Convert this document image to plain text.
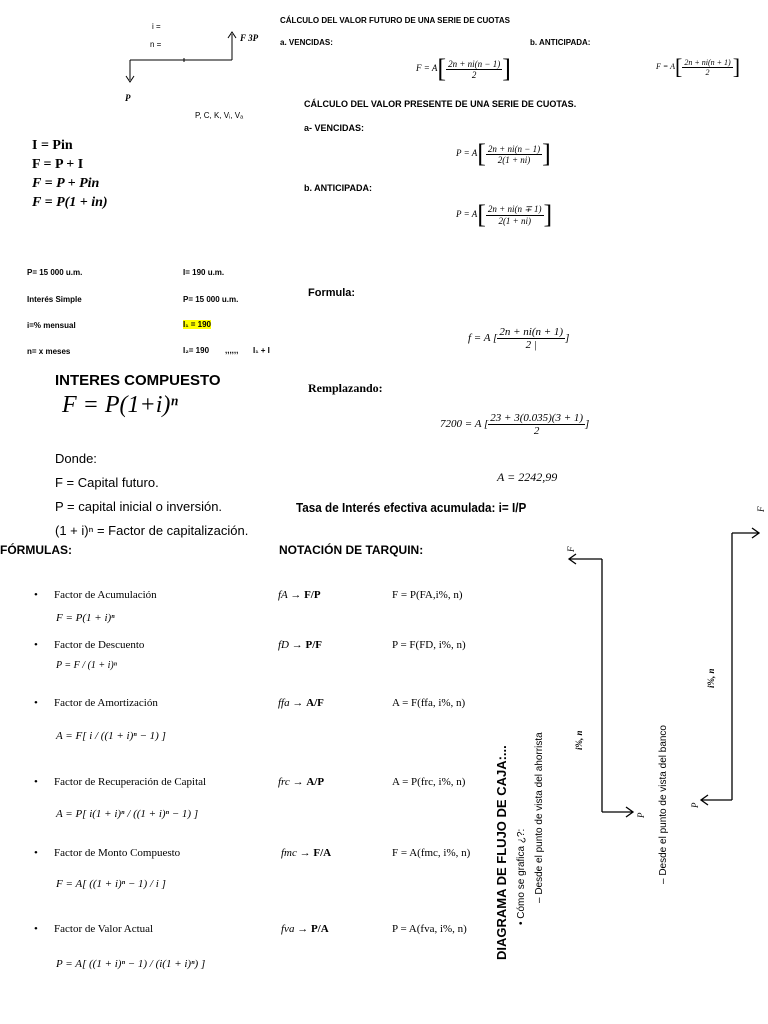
i =
n =
F 3P
P
P, C, K, Vᵢ, Vₐ
CÁLCULO DEL VALOR FUTURO DE UNA SERIE DE CUOTAS
a. VENCIDAS:	b. ANTICIPADA:
$F = A[ \frac{2n + ni(n - 1)}{2}$ ]	$F = A[ \frac{2n + ni(n + 1)}{2}$ ]
CÁLCULO DEL VALOR PRESENTE DE UNA SERIE DE CUOTAS.
a- VENCIDAS:
$P = A[ \frac{2n + ni(n - 1)}{2(1 + ni)}$ ]
b. ANTICIPADA:
$P = A[ \frac{2n + ni(n \mp 1)}{2(1 + ni)}$ ]
I = Pin
F = P + I
F = P + Pin
F = P(1 + in)
P= 15 000 u.m.
Interés Simple
i=% mensual
n= x meses
I= 190 u.m.
P= 15 000 u.m.
I₁ = 190
I₂= 190 ,,,,,, I₁ + I
Formula:
f = A [ $\frac{2n + ni(n + 1)}{2 |}$ ]
Remplazando:
7200 = A [ $\frac{23 + 3(0.035)(3 + 1)}{2}$ ]
A = 2242,99
INTERES COMPUESTO
F = P(1+i)ⁿ
Donde:
F = Capital futuro.
P = capital inicial o inversión.
(1 + i)ⁿ = Factor de capitalización.
Tasa de Interés efectiva acumulada: i= I/P
FÓRMULAS:	NOTACIÓN DE TARQUIN:
• Factor de Acumulación
F = P(1 + i)ⁿ
fA → F/P	F = P(FA,i%, n)
• Factor de Descuento
P = F / (1 + i)ⁿ
fD → P/F	P = F(FD, i%, n)
• Factor de Amortización
A = F[ i / ((1 + i)ⁿ − 1) ]
ffa → A/F	A = F(ffa, i%, n)
• Factor de Recuperación de Capital
A = P[ i(1 + i)ⁿ / ((1 + i)ⁿ − 1) ]
frc → A/P	A = P(frc, i%, n)
• Factor de Monto Compuesto
F = A[ ((1 + i)ⁿ − 1) / i ]
fmc → F/A	F = A(fmc, i%, n)
• Factor de Valor Actual
P = A[ ((1 + i)ⁿ − 1) / (i(1 + i)ⁿ) ]
fva → P/A	P = A(fva, i%, n) DIAGRAMA DE FLUJO DE CAJA:... • Cómo se grafica ¿?: – Desde el punto de vista del ahorrista	– Desde el punto de vista del banco
F
i%, n
P
F
i%, n
P
